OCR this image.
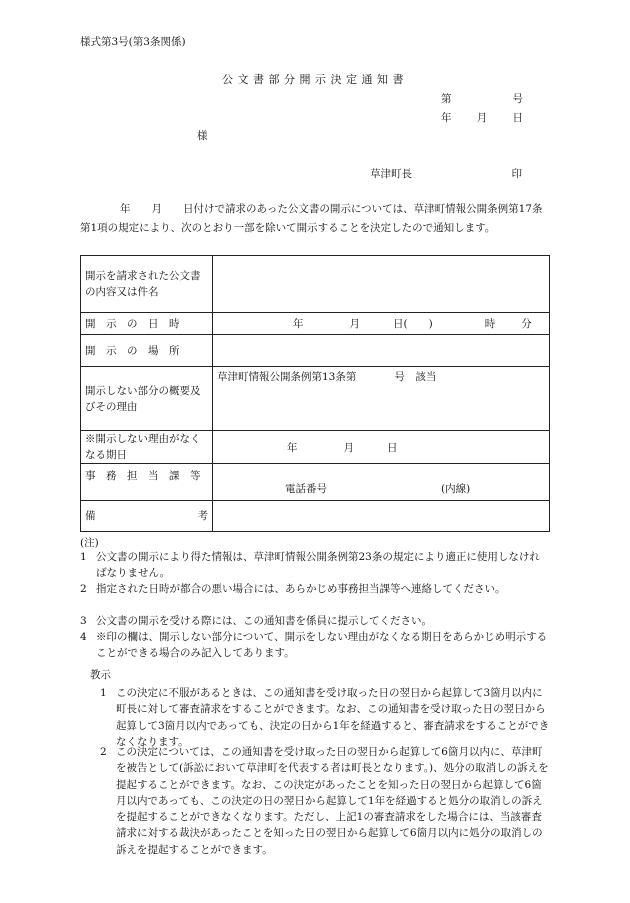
様式第3号(第3条関係)
公文書部分開示決定通知書
第	号
年 月 日
様
草津町長	印
年　　月　　日付けで請求のあった公文書の開示については、草津町情報公開条例第17条第1項の規定により、次のとおり一部を除いて開示することを決定したので通知します。
開示を請求された公文書の内容又は件名	
開　示　の　日　時	年 月 日(　　) 時 分

開　示　の　場　所	
開示しない部分の概要及びその理由	草津町情報公開条例第13条第 号　該当
※開示しない理由がなくなる期日	年 月 日

事　務　担　当　課　等	電話番号 (内線)

備 考	

(注)
1 公文書の開示により得た情報は、草津町情報公開条例第23条の規定により適正に使用しなければなりません。
2 指定された日時が都合の悪い場合には、あらかじめ事務担当課等へ連絡してください。
3 公文書の開示を受ける際には、この通知書を係員に提示してください。
4 ※印の欄は、開示しない部分について、開示をしない理由がなくなる期日をあらかじめ明示することができる場合のみ記入してあります。
教示
1 この決定に不服があるときは、この通知書を受け取った日の翌日から起算して3箇月以内に町長に対して審査請求をすることができます。なお、この通知書を受け取った日の翌日から起算して3箇月以内であっても、決定の日から1年を経過すると、審査請求をすることができなくなります。
2 この決定については、この通知書を受け取った日の翌日から起算して6箇月以内に、草津町を被告として(訴訟において草津町を代表する者は町長となります。)、処分の取消しの訴えを提起することができます。なお、この決定があったことを知った日の翌日から起算して6箇月以内であっても、この決定の日の翌日から起算して1年を経過すると処分の取消しの訴えを提起することができなくなります。ただし、上記1の審査請求をした場合には、当該審査請求に対する裁決があったことを知った日の翌日から起算して6箇月以内に処分の取消しの訴えを提起することができます。
